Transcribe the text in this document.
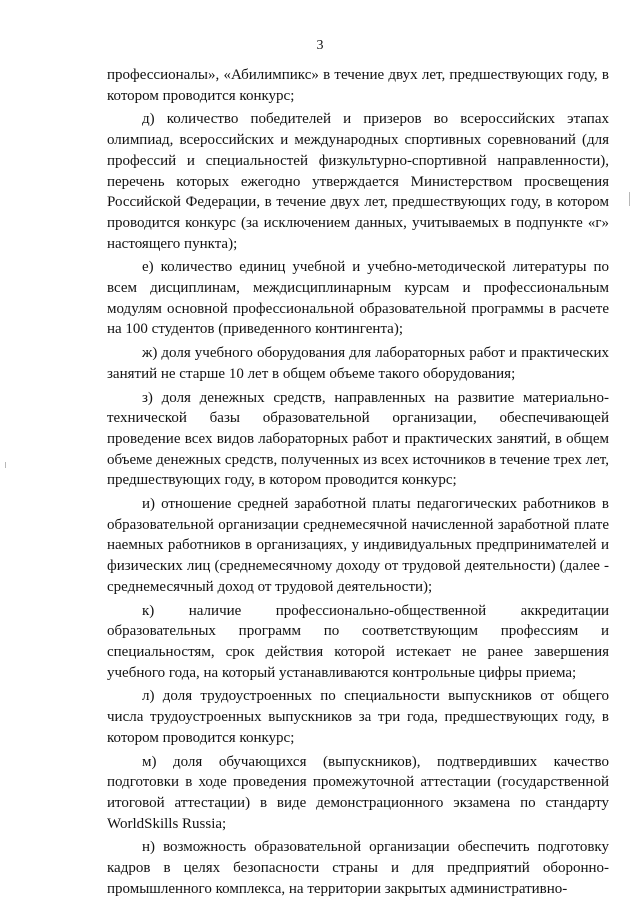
3

профессионалы», «Абилимпикс» в течение двух лет, предшествующих году, в котором проводится конкурс;

д) количество победителей и призеров во всероссийских этапах олимпиад, всероссийских и международных спортивных соревнований (для профессий и специальностей физкультурно-спортивной направленности), перечень которых ежегодно утверждается Министерством просвещения Российской Федерации, в течение двух лет, предшествующих году, в котором проводится конкурс (за исключением данных, учитываемых в подпункте «г» настоящего пункта);

е) количество единиц учебной и учебно-методической литературы по всем дисциплинам, междисциплинарным курсам и профессиональным модулям основной профессиональной образовательной программы в расчете на 100 студентов (приведенного контингента);

ж) доля учебного оборудования для лабораторных работ и практических занятий не старше 10 лет в общем объеме такого оборудования;

з) доля денежных средств, направленных на развитие материально-технической базы образовательной организации, обеспечивающей проведение всех видов лабораторных работ и практических занятий, в общем объеме денежных средств, полученных из всех источников в течение трех лет, предшествующих году, в котором проводится конкурс;

и) отношение средней заработной платы педагогических работников в образовательной организации среднемесячной начисленной заработной плате наемных работников в организациях, у индивидуальных предпринимателей и физических лиц (среднемесячному доходу от трудовой деятельности) (далее - среднемесячный доход от трудовой деятельности);

к) наличие профессионально-общественной аккредитации образовательных программ по соответствующим профессиям и специальностям, срок действия которой истекает не ранее завершения учебного года, на который устанавливаются контрольные цифры приема;

л) доля трудоустроенных по специальности выпускников от общего числа трудоустроенных выпускников за три года, предшествующих году, в котором проводится конкурс;

м) доля обучающихся (выпускников), подтвердивших качество подготовки в ходе проведения промежуточной аттестации (государственной итоговой аттестации) в виде демонстрационного экзамена по стандарту WorldSkills Russia;

н) возможность образовательной организации обеспечить подготовку кадров в целях безопасности страны и для предприятий оборонно-промышленного комплекса, на территории закрытых административно-
